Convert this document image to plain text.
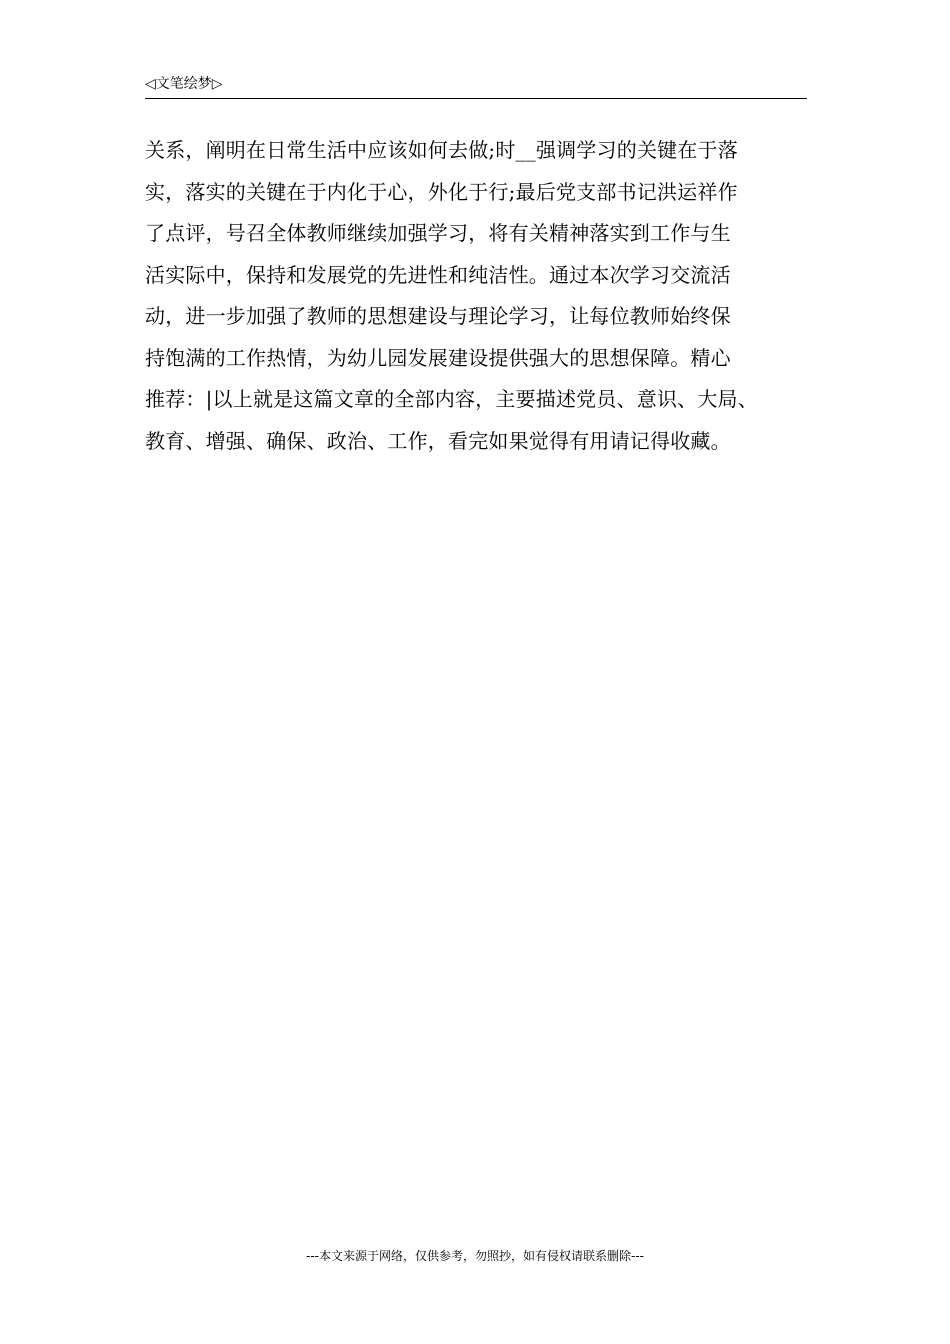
◁文笔绘梦▷
关系，阐明在日常生活中应该如何去做;时__强调学习的关键在于落
实，落实的关键在于内化于心，外化于行;最后党支部书记洪运祥作
了点评，号召全体教师继续加强学习，将有关精神落实到工作与生
活实际中，保持和发展党的先进性和纯洁性。通过本次学习交流活
动，进一步加强了教师的思想建设与理论学习，让每位教师始终保
持饱满的工作热情，为幼儿园发展建设提供强大的思想保障。精心
推荐：|以上就是这篇文章的全部内容，主要描述党员、意识、大局、
教育、增强、确保、政治、工作，看完如果觉得有用请记得收藏。
---本文来源于网络，仅供参考，勿照抄，如有侵权请联系删除---
